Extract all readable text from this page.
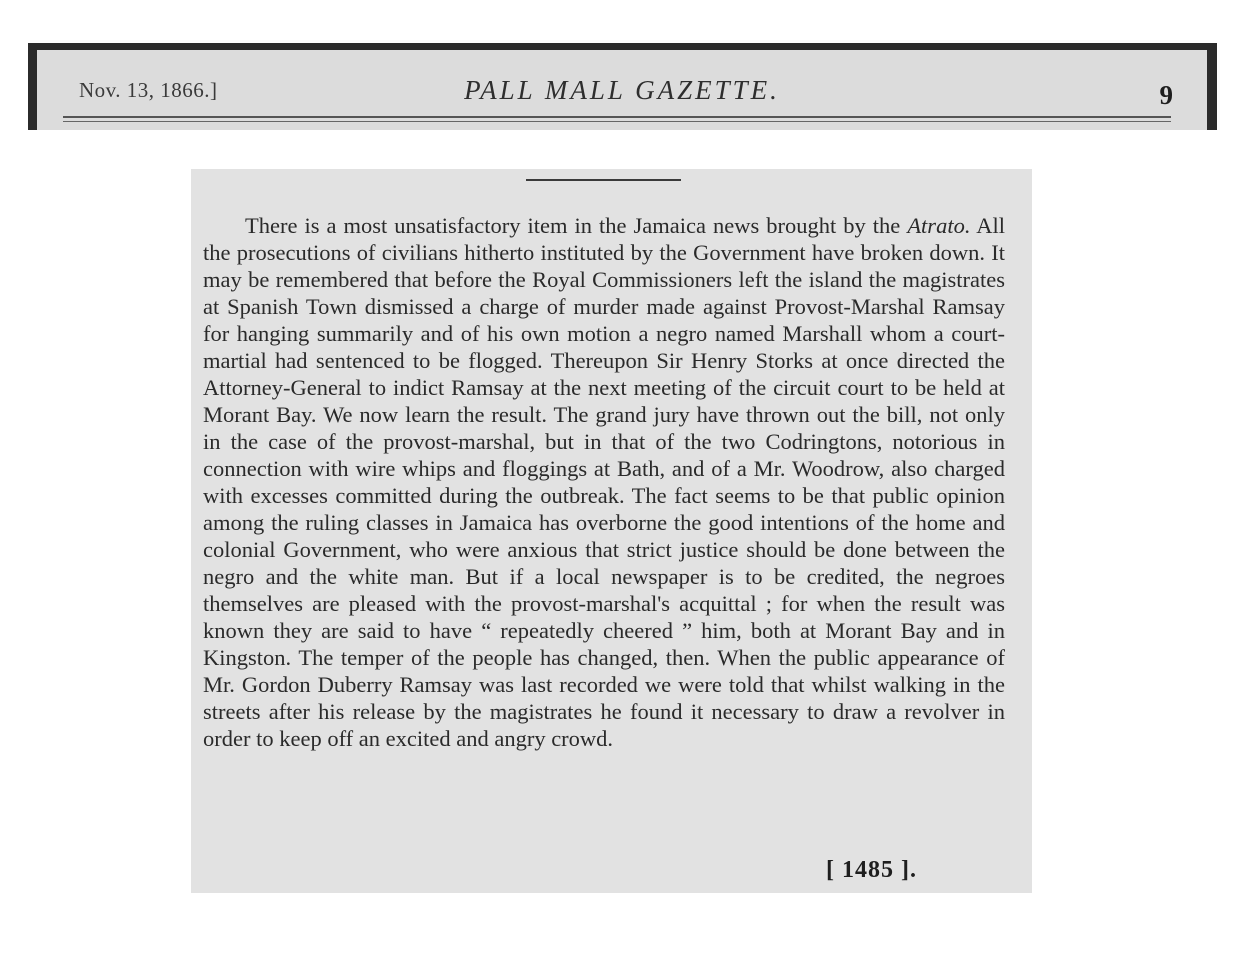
Nov. 13, 1866.]	PALL MALL GAZETTE.	9

There is a most unsatisfactory item in the Jamaica news brought by the Atrato. All the prosecutions of civilians hitherto instituted by the Government have broken down. It may be remembered that before the Royal Commissioners left the island the magistrates at Spanish Town dismissed a charge of murder made against Provost-Marshal Ramsay for hanging summarily and of his own motion a negro named Marshall whom a court-martial had sentenced to be flogged. Thereupon Sir Henry Storks at once directed the Attorney-General to indict Ramsay at the next meeting of the circuit court to be held at Morant Bay. We now learn the result. The grand jury have thrown out the bill, not only in the case of the provost-marshal, but in that of the two Codringtons, notorious in connection with wire whips and floggings at Bath, and of a Mr. Woodrow, also charged with excesses committed during the outbreak. The fact seems to be that public opinion among the ruling classes in Jamaica has overborne the good intentions of the home and colonial Government, who were anxious that strict justice should be done between the negro and the white man. But if a local newspaper is to be credited, the negroes themselves are pleased with the provost-marshal's acquittal ; for when the result was known they are said to have “ repeatedly cheered ” him, both at Morant Bay and in Kingston. The temper of the people has changed, then. When the public appearance of Mr. Gordon Duberry Ramsay was last recorded we were told that whilst walking in the streets after his release by the magistrates he found it necessary to draw a revolver in order to keep off an excited and angry crowd.

[ 1485 ].
